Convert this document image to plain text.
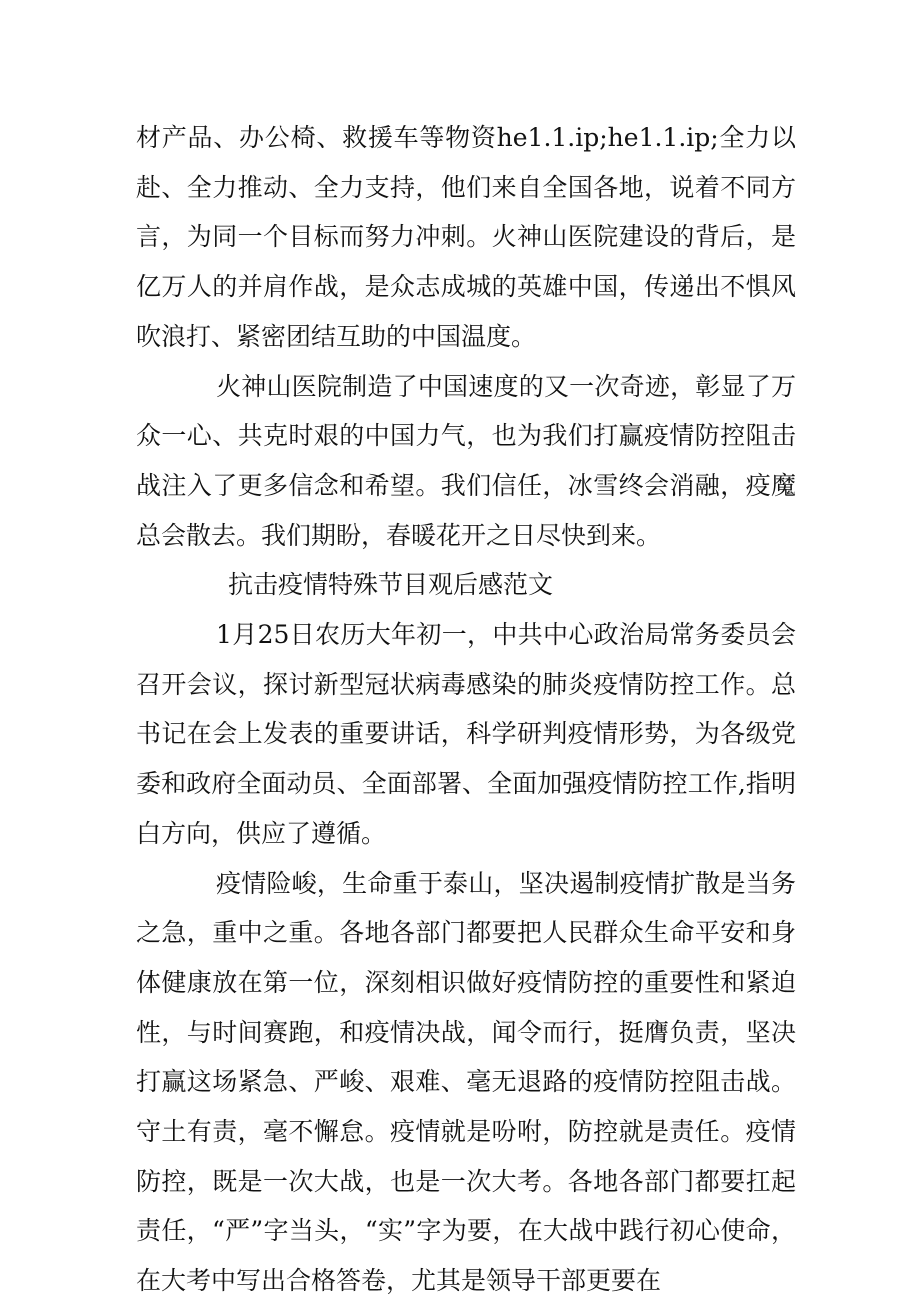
材产品、办公椅、救援车等物资he1.1.ip;he1.1.ip;全力以赴、全力推动、全力支持，他们来自全国各地，说着不同方言，为同一个目标而努力冲刺。火神山医院建设的背后，是亿万人的并肩作战，是众志成城的英雄中国，传递出不惧风吹浪打、紧密团结互助的中国温度。

火神山医院制造了中国速度的又一次奇迹，彰显了万众一心、共克时艰的中国力气，也为我们打赢疫情防控阻击战注入了更多信念和希望。我们信任，冰雪终会消融，疫魔总会散去。我们期盼，春暖花开之日尽快到来。

抗击疫情特殊节目观后感范文

1月25日农历大年初一，中共中心政治局常务委员会召开会议，探讨新型冠状病毒感染的肺炎疫情防控工作。总书记在会上发表的重要讲话，科学研判疫情形势，为各级党委和政府全面动员、全面部署、全面加强疫情防控工作,指明白方向，供应了遵循。

疫情险峻，生命重于泰山，坚决遏制疫情扩散是当务之急，重中之重。各地各部门都要把人民群众生命平安和身体健康放在第一位，深刻相识做好疫情防控的重要性和紧迫性，与时间赛跑，和疫情决战，闻令而行，挺膺负责，坚决打赢这场紧急、严峻、艰难、毫无退路的疫情防控阻击战。守土有责，毫不懈怠。疫情就是吩咐，防控就是责任。疫情防控，既是一次大战，也是一次大考。各地各部门都要扛起责任，“严”字当头，“实”字为要，在大战中践行初心使命，在大考中写出合格答卷，尤其是领导干部更要在
